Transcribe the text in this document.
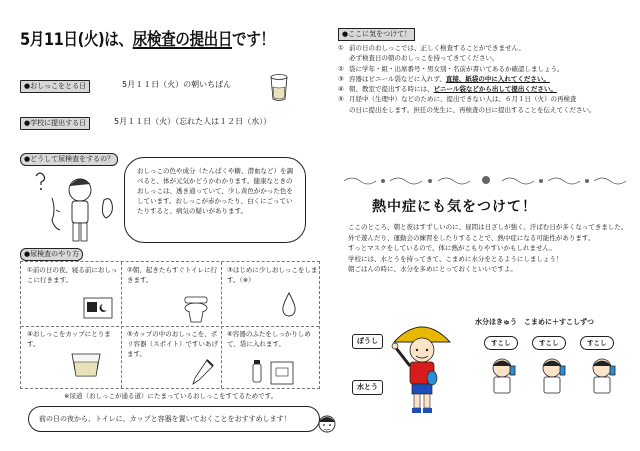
5月11日(火)は、尿検査の提出日です！
●おしっこをとる日	5月１１日（火）の朝いちばん
●学校に提出する日	5月１１日（火）（忘れた人は１２日（水））
●どうして尿検査をするの？
おしっこの色や成分（たんぱくや糖、潜血など）を調べると、体が元気かどうかわかります。健康なときのおしっこは、透き通っていて、少し黄色がかった色をしています。おしっこが赤かったり、白くにごっていたりすると、病気の疑いがあります。
●尿検査のやり方
①前の日の夜、寝る前におしっこに行きます。
②朝、起きたらすぐトイレに行きます。
③はじめに少しおしっこをします。（※）
④おしっこをカップにとります。
⑤カップの中のおしっこを、ポリ容器（スポイト）ですいあげます。
⑥容器のふたをしっかりしめて、袋に入れます。
※尿道（おしっこが通る道）にたまっているおしっこをすてるためです。
前の日の夜から、トイレに、カップと容器を置いておくことをおすすめします！
●ここに気をつけて！
① 前の日のおしっこでは、正しく検査することができません。
必ず検査日の朝のおしっこを持ってきてください。
② 袋に学年・組・出席番号・男女別・名前が書いてあるか確認しましょう。
③ 容器はビニール袋などに入れず、直接、紙袋の中に入れてください。
④ 朝、教室で提出する時には、ビニール袋などから出して提出ください。
⑤ 月経中（生理中）などのために、提出できない人は、６月１日（火）の再検査
の日に提出をします。担任の先生に、再検査の日に提出することを伝えてください。
熱中症にも気をつけて！

ここのところ、朝と夜はすずしいのに、昼間は日ざしが強く、汗ばむ日が多くなってきました。

外で遊んだり、運動会の練習をしたりすることで、熱中症になる可能性があります。

すっとマスクをしているので、体に熱がこもりやすいかもしれません。

学校には、水とうを持ってきて、こまめに水分をとるようにしましょう！

朝ごはんの時に、水分を多めにとっておくといいですよ。

ぼうし
水とう
水分ほきゅう　こまめに＋すこしずつ
すこし	すこし	すこし
